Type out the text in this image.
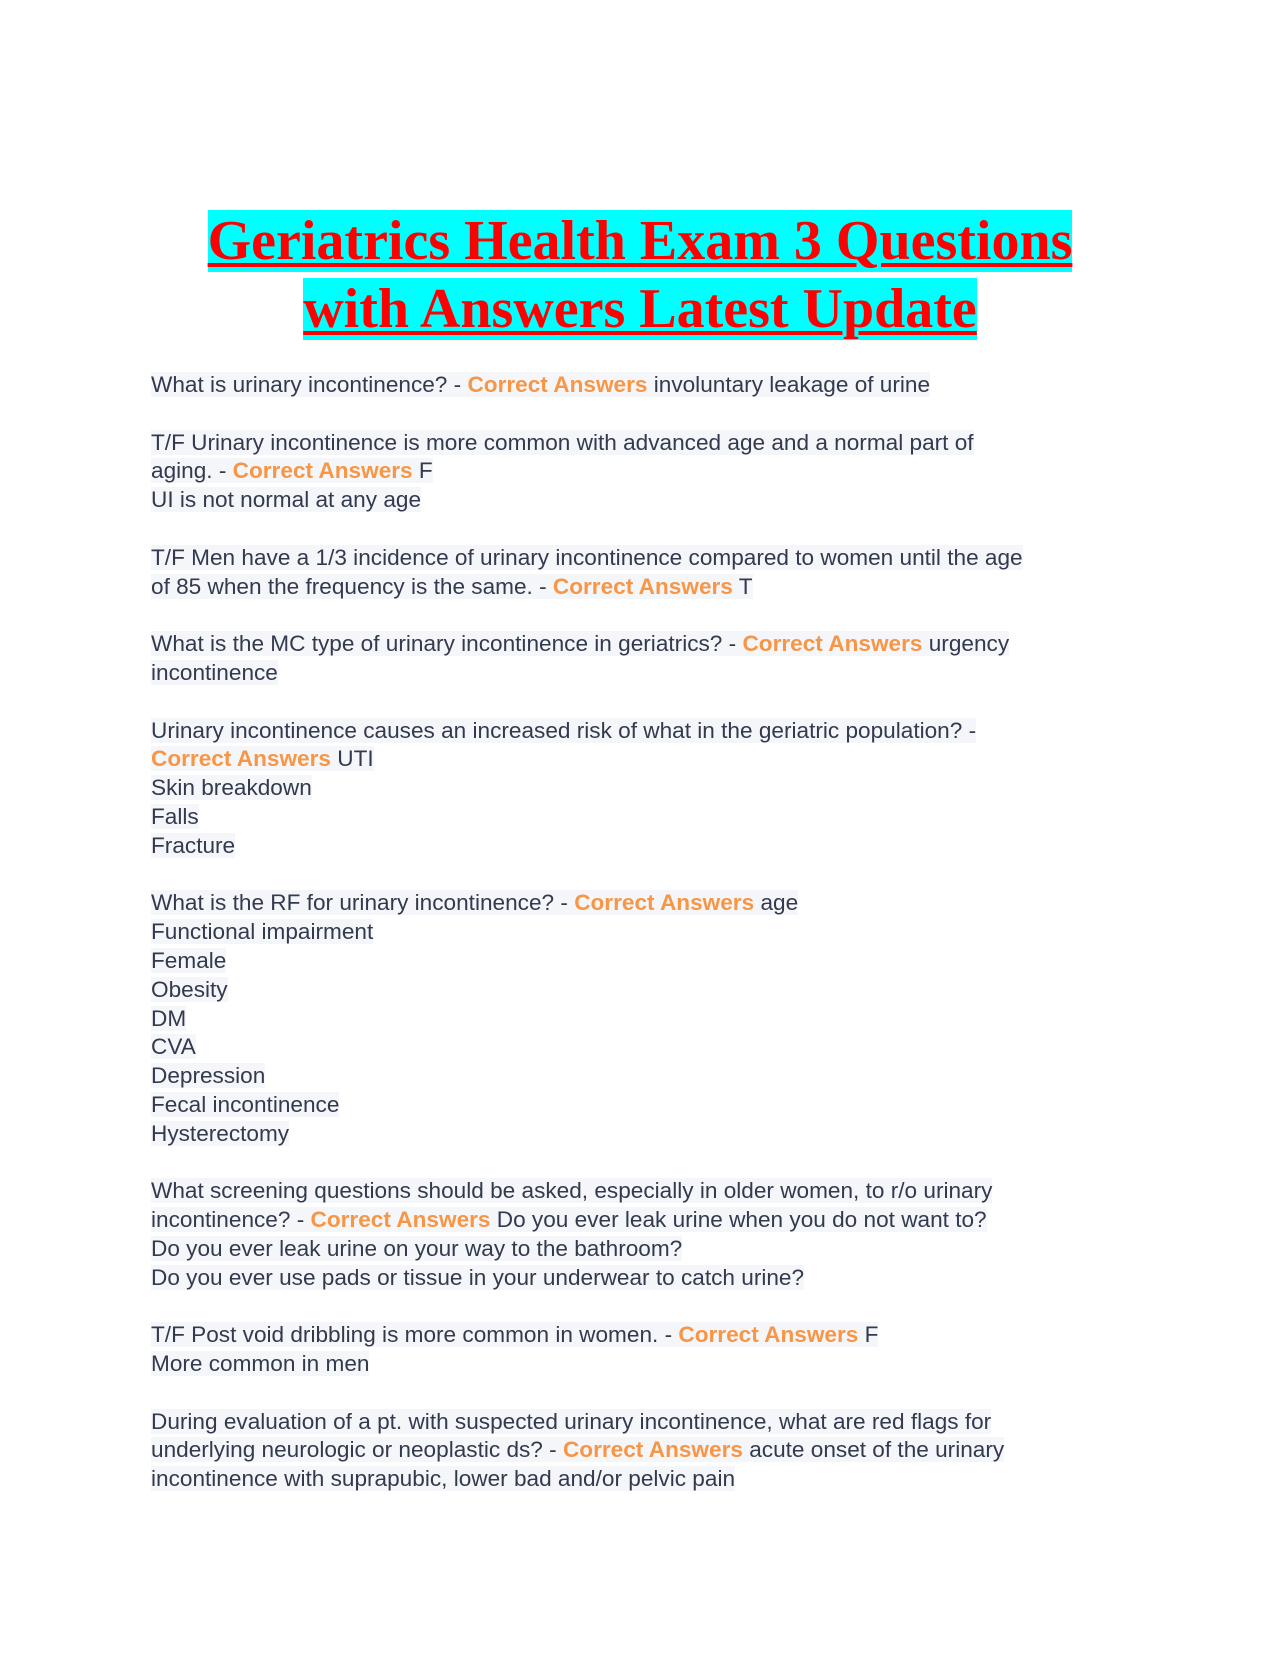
Geriatrics Health Exam 3 Questions
with Answers Latest Update
What is urinary incontinence? - Correct Answers involuntary leakage of urine
T/F Urinary incontinence is more common with advanced age and a normal part of
aging. - Correct Answers F
UI is not normal at any age
T/F Men have a 1/3 incidence of urinary incontinence compared to women until the age
of 85 when the frequency is the same. - Correct Answers T
What is the MC type of urinary incontinence in geriatrics? - Correct Answers urgency
incontinence
Urinary incontinence causes an increased risk of what in the geriatric population? -
Correct Answers UTI
Skin breakdown
Falls
Fracture
What is the RF for urinary incontinence? - Correct Answers age
Functional impairment
Female
Obesity
DM
CVA
Depression
Fecal incontinence
Hysterectomy
What screening questions should be asked, especially in older women, to r/o urinary
incontinence? - Correct Answers Do you ever leak urine when you do not want to?
Do you ever leak urine on your way to the bathroom?
Do you ever use pads or tissue in your underwear to catch urine?
T/F Post void dribbling is more common in women. - Correct Answers F
More common in men
During evaluation of a pt. with suspected urinary incontinence, what are red flags for
underlying neurologic or neoplastic ds? - Correct Answers acute onset of the urinary
incontinence with suprapubic, lower bad and/or pelvic pain
